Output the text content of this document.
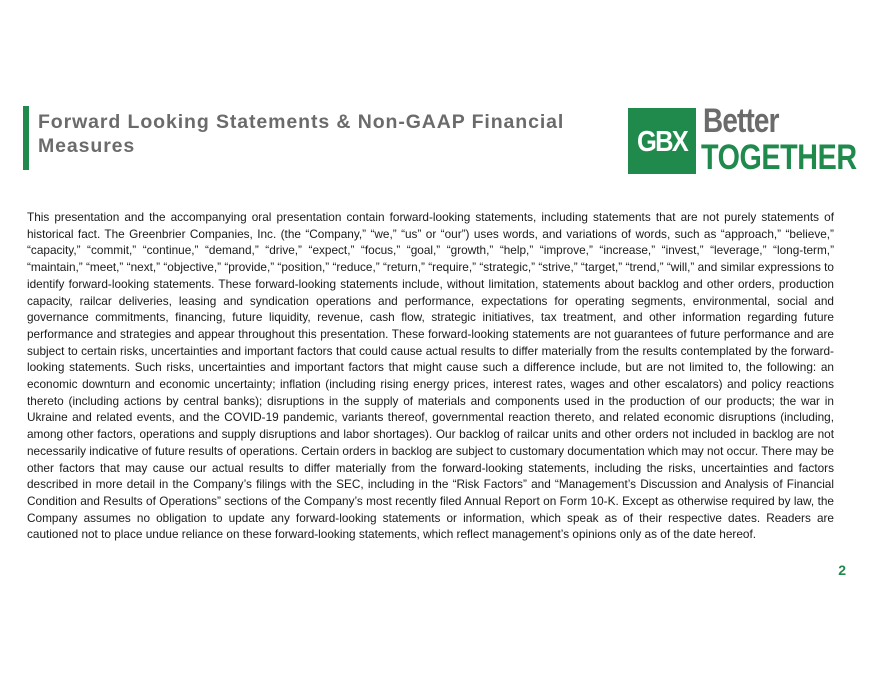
Forward Looking Statements & Non-GAAP Financial Measures	GBX
Better
TOGETHER

This presentation and the accompanying oral presentation contain forward-looking statements, including statements that are not purely statements of historical fact. The Greenbrier Companies, Inc. (the “Company,” “we,” “us” or “our”) uses words, and variations of words, such as “approach,” “believe,” “capacity,” “commit,” “continue,” “demand,” “drive,” “expect,” “focus,” “goal,” “growth,” “help,” “improve,” “increase,” “invest,” “leverage,” “long-term,” “maintain,” “meet,” “next,” “objective,” “provide,” “position,” “reduce,” “return,” “require,” “strategic,” “strive,” “target,” “trend,” “will,” and similar expressions to identify forward-looking statements. These forward-looking statements include, without limitation, statements about backlog and other orders, production capacity, railcar deliveries, leasing and syndication operations and performance, expectations for operating segments, environmental, social and governance commitments, financing, future liquidity, revenue, cash flow, strategic initiatives, tax treatment, and other information regarding future performance and strategies and appear throughout this presentation. These forward-looking statements are not guarantees of future performance and are subject to certain risks, uncertainties and important factors that could cause actual results to differ materially from the results contemplated by the forward-looking statements. Such risks, uncertainties and important factors that might cause such a difference include, but are not limited to, the following: an economic downturn and economic uncertainty; inflation (including rising energy prices, interest rates, wages and other escalators) and policy reactions thereto (including actions by central banks); disruptions in the supply of materials and components used in the production of our products; the war in Ukraine and related events, and the COVID-19 pandemic, variants thereof, governmental reaction thereto, and related economic disruptions (including, among other factors, operations and supply disruptions and labor shortages). Our backlog of railcar units and other orders not included in backlog are not necessarily indicative of future results of operations. Certain orders in backlog are subject to customary documentation which may not occur. There may be other factors that may cause our actual results to differ materially from the forward-looking statements, including the risks, uncertainties and factors described in more detail in the Company’s filings with the SEC, including in the “Risk Factors” and “Management’s Discussion and Analysis of Financial Condition and Results of Operations” sections of the Company’s most recently filed Annual Report on Form 10-K. Except as otherwise required by law, the Company assumes no obligation to update any forward-looking statements or information, which speak as of their respective dates. Readers are cautioned not to place undue reliance on these forward-looking statements, which reflect management’s opinions only as of the date hereof.

2
